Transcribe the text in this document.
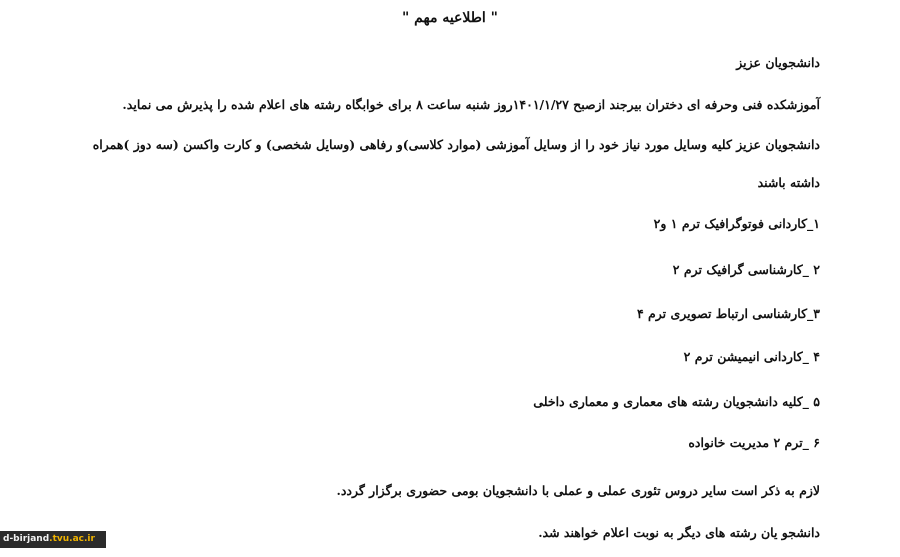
" اطلاعیه مهم "
دانشجویان عزیز
آموزشکده فنی وحرفه ای دختران بیرجند ازصبح ۱۴۰۱/۱/۲۷روز شنبه ساعت ۸ برای خوابگاه رشته های اعلام شده را پذیرش می نماید.
دانشجویان عزیز کلیه وسایل مورد نیاز خود را از وسایل آموزشی (موارد کلاسی)و رفاهی (وسایل شخصی) و کارت واکسن (سه دوز )همراه
داشته باشند
۱_کاردانی فوتوگرافیک ترم ۱ و۲
۲ _کارشناسی گرافیک ترم ۲
۳_کارشناسی ارتباط تصویری ترم ۴
۴ _کاردانی انیمیشن ترم ۲
۵ _کلیه دانشجویان رشته های معماری و معماری داخلی
۶ _ترم ۲ مدیریت خانواده
لازم به ذکر است سایر دروس تئوری عملی و عملی با دانشجویان بومی حضوری برگزار گردد.
دانشجو یان رشته های دیگر به نوبت اعلام خواهند شد.
d-birjand.tvu.ac.ir
